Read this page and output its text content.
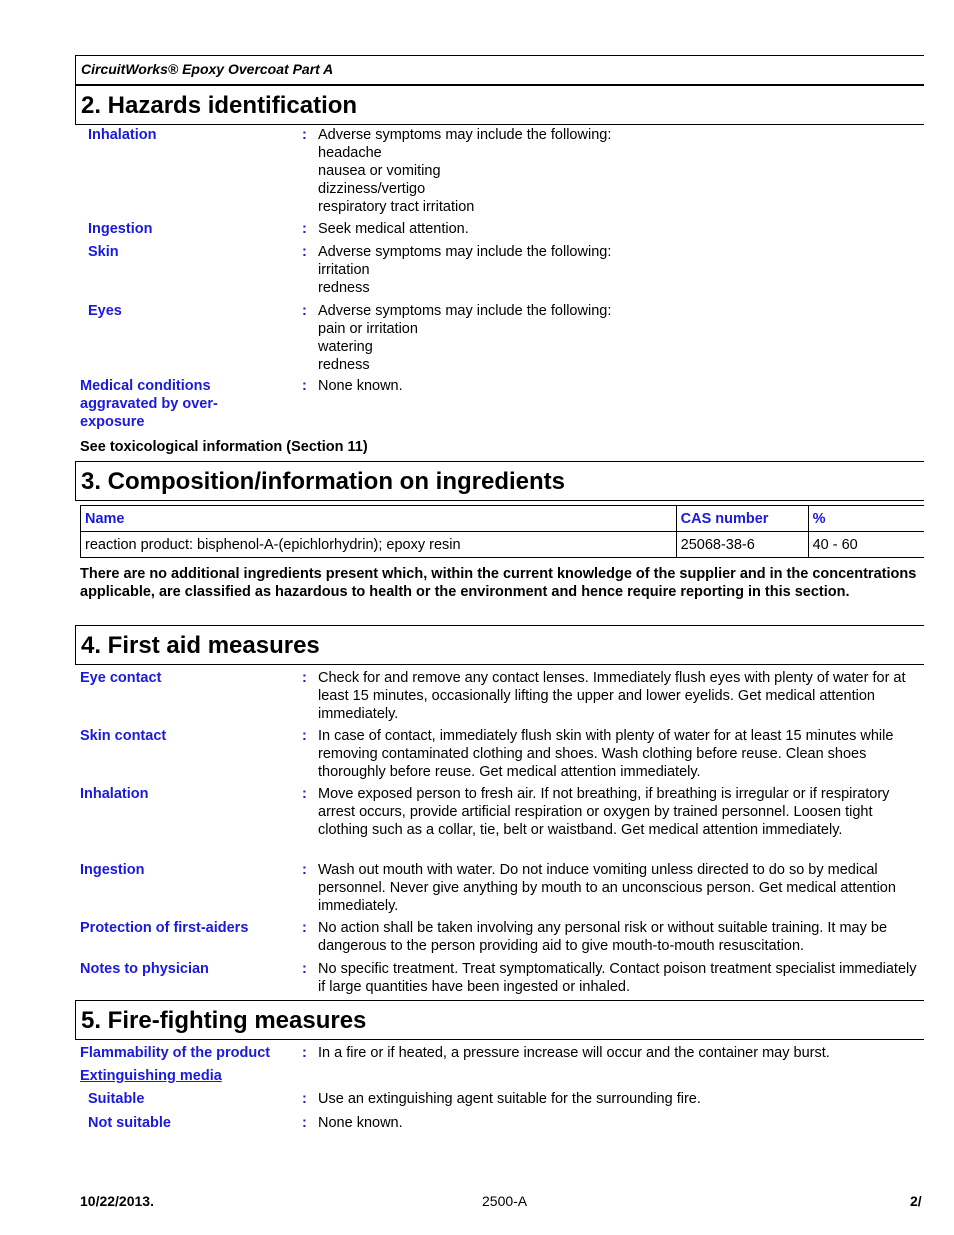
CircuitWorks® Epoxy Overcoat Part A
2. Hazards identification
Inhalation	: Adverse symptoms may include the following:
headache
nausea or vomiting
dizziness/vertigo
respiratory tract irritation
Ingestion	: Seek medical attention.
Skin	: Adverse symptoms may include the following:
irritation
redness
Eyes	: Adverse symptoms may include the following:
pain or irritation
watering
redness
Medical conditions aggravated by over-exposure
: None known.
See toxicological information (Section 11)
3. Composition/information on ingredients
Name	CAS number	%
reaction product: bisphenol-A-(epichlorhydrin); epoxy resin	25068-38-6	40 - 60
There are no additional ingredients present which, within the current knowledge of the supplier and in the concentrations applicable, are classified as hazardous to health or the environment and hence require reporting in this section.
4. First aid measures
Eye contact	: Check for and remove any contact lenses. Immediately flush eyes with plenty of water for at least 15 minutes, occasionally lifting the upper and lower eyelids. Get medical attention immediately.
Skin contact	: In case of contact, immediately flush skin with plenty of water for at least 15 minutes while removing contaminated clothing and shoes. Wash clothing before reuse. Clean shoes thoroughly before reuse. Get medical attention immediately.
Inhalation	: Move exposed person to fresh air. If not breathing, if breathing is irregular or if respiratory arrest occurs, provide artificial respiration or oxygen by trained personnel. Loosen tight clothing such as a collar, tie, belt or waistband. Get medical attention immediately.
Ingestion	: Wash out mouth with water. Do not induce vomiting unless directed to do so by medical personnel. Never give anything by mouth to an unconscious person. Get medical attention immediately.
Protection of first-aiders	: No action shall be taken involving any personal risk or without suitable training. It may be dangerous to the person providing aid to give mouth-to-mouth resuscitation.
Notes to physician	: No specific treatment. Treat symptomatically. Contact poison treatment specialist immediately if large quantities have been ingested or inhaled.
5. Fire-fighting measures
Flammability of the product : In a fire or if heated, a pressure increase will occur and the container may burst.
Extinguishing media
Suitable	: Use an extinguishing agent suitable for the surrounding fire.
Not suitable	: None known.
10/22/2013.	2500-A	2/
